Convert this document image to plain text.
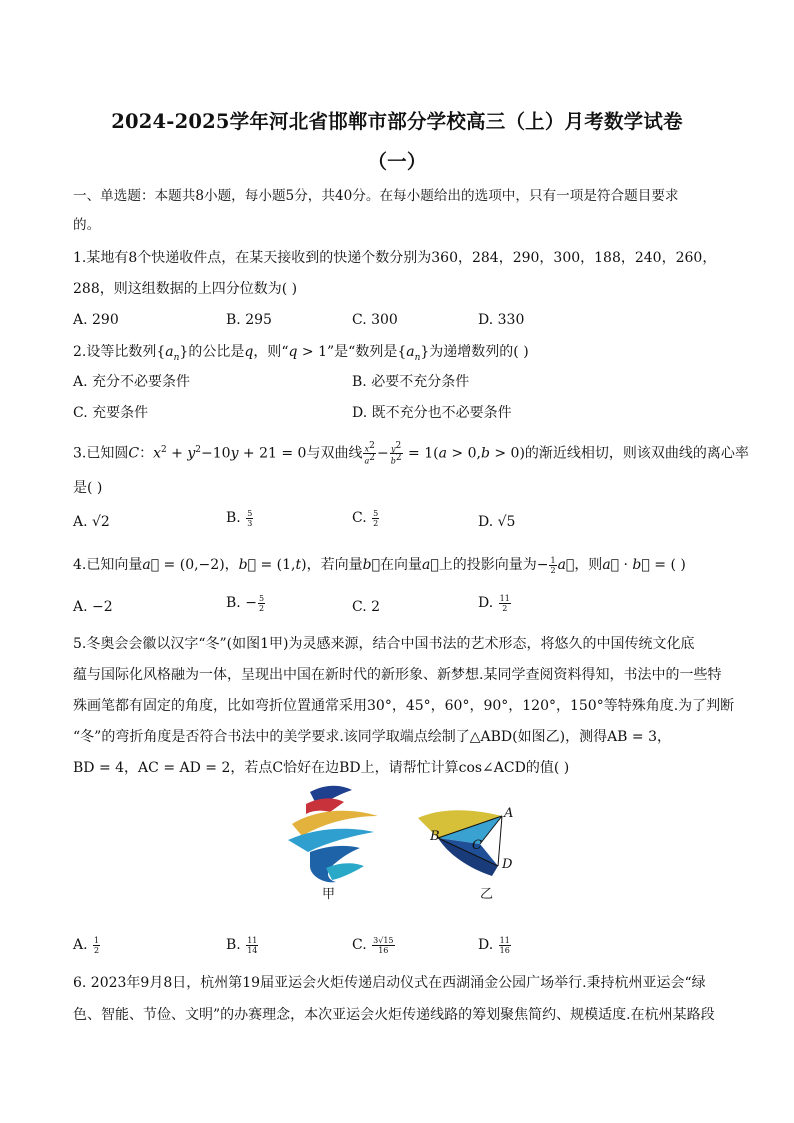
2024-2025学年河北省邯郸市部分学校高三（上）月考数学试卷
（一）
一、单选题：本题共8小题，每小题5分，共40分。在每小题给出的选项中，只有一项是符合题目要求
的。
1.某地有8个快递收件点，在某天接收到的快递个数分别为360，284，290，300，188，240，260，
288，则这组数据的上四分位数为( )
A. 290	B. 295	C. 300	D. 330
2.设等比数列$\{a_n\}$的公比是q，则“q > 1”是“数列是$\{a_n\}$为递增数列的( )
A. 充分不必要条件	B. 必要不充分条件
C. 充要条件	D. 既不充分也不必要条件
3.已知圆C：$x^2 + y^2-10y + 21 = 0$与双曲线 $\frac{x^2}{a^2} - \frac{y^2}{b^2} = 1(a > 0,b > 0)$的渐近线相切，则该双曲线的离心率
是( )
A. √2	B. $\frac{5}{3}$	C. $\frac{5}{2}$	D. √5
4.已知向量a⃗ = (0,−2)，b⃗ = (1,t)，若向量b⃗在向量a⃗上的投影向量为− $\frac{1}{2}$ a⃗，则a⃗ · b⃗ = ( )
A. −2	B. − $\frac{5}{2}$	C. 2	D. $\frac{11}{2}$
5.冬奥会会徽以汉字“冬”(如图1甲)为灵感来源，结合中国书法的艺术形态，将悠久的中国传统文化底
蕴与国际化风格融为一体，呈现出中国在新时代的新形象、新梦想.某同学查阅资料得知，书法中的一些特
殊画笔都有固定的角度，比如弯折位置通常采用30°，45°，60°，90°，120°，150°等特殊角度.为了判断
“冬”的弯折角度是否符合书法中的美学要求.该同学取端点绘制了△ABD(如图乙)，测得AB = 3，
BD = 4，AC = AD = 2，若点C恰好在边BD上，请帮忙计算cos∠ACD的值( )
甲	乙
A
B
C
D
A. $\frac{1}{2}$	B. $\frac{11}{14}$	C. $\frac{3√15}{16}$	D. $\frac{11}{16}$
6. 2023年9月8日，杭州第19届亚运会火炬传递启动仪式在西湖涌金公园广场举行.秉持杭州亚运会“绿
色、智能、节俭、文明”的办赛理念，本次亚运会火炬传递线路的筹划聚焦简约、规模适度.在杭州某路段
